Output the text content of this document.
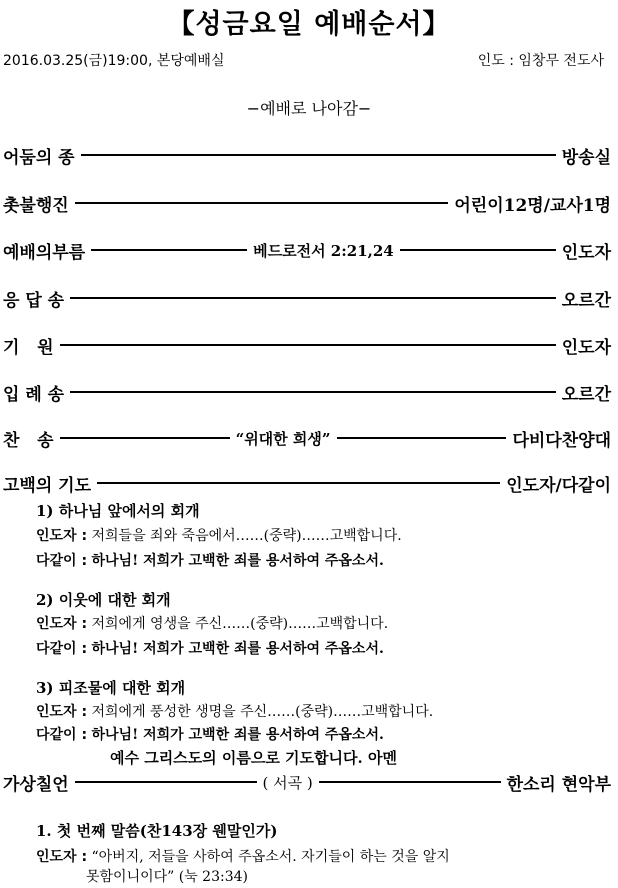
【성금요일 예배순서】
2016.03.25(금)19:00, 본당예배실	인도 : 임창무 전도사
−예배로 나아감−
어둠의 종	방송실
촛불행진	어린이12명/교사1명
예배의부름	베드로전서 2:21,24	인도자
응 답 송	오르간
기   원	인도자
입 례 송	오르간
찬   송	“위대한 희생”	다비다찬양대
고백의 기도	인도자/다같이
1) 하나님 앞에서의 회개
인도자 : 저희들을 죄와 죽음에서……(중략)……고백합니다.
다같이 : 하나님! 저희가 고백한 죄를 용서하여 주옵소서.
2) 이웃에 대한 회개
인도자 : 저희에게 영생을 주신……(중략)……고백합니다.
다같이 : 하나님! 저희가 고백한 죄를 용서하여 주옵소서.
3) 피조물에 대한 회개
인도자 : 저희에게 풍성한 생명을 주신……(중략)……고백합니다.
다같이 : 하나님! 저희가 고백한 죄를 용서하여 주옵소서.
예수 그리스도의 이름으로 기도합니다. 아멘
가상칠언	( 서곡 )	한소리 현악부
1. 첫 번째 말씀(찬143장 웬말인가)
인도자 : “아버지, 저들을 사하여 주옵소서. 자기들이 하는 것을 알지
못함이니이다” (눅 23:34)
